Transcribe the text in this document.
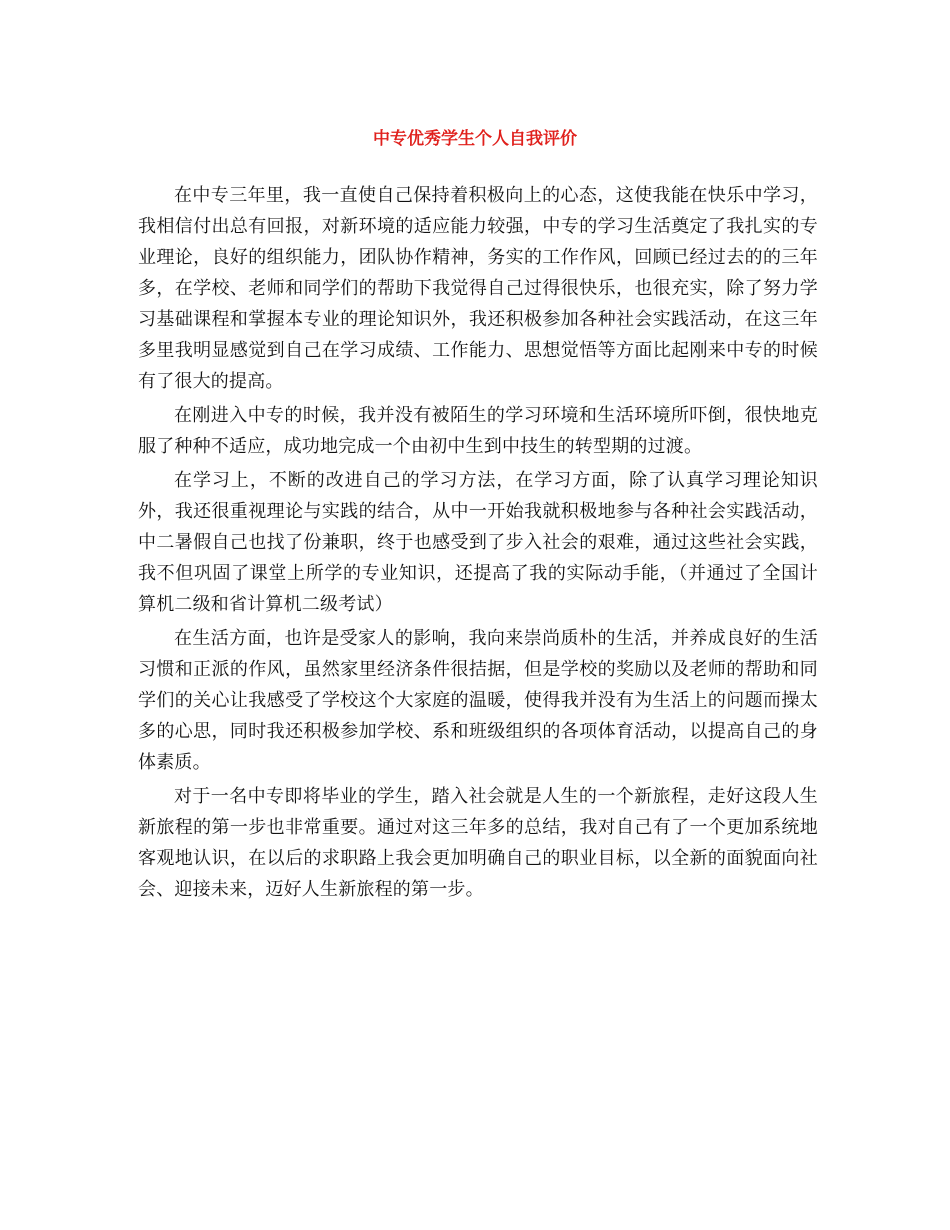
中专优秀学生个人自我评价

在中专三年里，我一直使自己保持着积极向上的心态，这使我能在快乐中学习，我相信付出总有回报，对新环境的适应能力较强，中专的学习生活奠定了我扎实的专业理论，良好的组织能力，团队协作精神，务实的工作作风，回顾已经过去的的三年多，在学校、老师和同学们的帮助下我觉得自己过得很快乐，也很充实，除了努力学习基础课程和掌握本专业的理论知识外，我还积极参加各种社会实践活动，在这三年多里我明显感觉到自己在学习成绩、工作能力、思想觉悟等方面比起刚来中专的时候有了很大的提高。

在刚进入中专的时候，我并没有被陌生的学习环境和生活环境所吓倒，很快地克服了种种不适应，成功地完成一个由初中生到中技生的转型期的过渡。

在学习上，不断的改进自己的学习方法，在学习方面，除了认真学习理论知识外，我还很重视理论与实践的结合，从中一开始我就积极地参与各种社会实践活动，中二暑假自己也找了份兼职，终于也感受到了步入社会的艰难，通过这些社会实践，我不但巩固了课堂上所学的专业知识，还提高了我的实际动手能，（并通过了全国计算机二级和省计算机二级考试）

在生活方面，也许是受家人的影响，我向来崇尚质朴的生活，并养成良好的生活习惯和正派的作风，虽然家里经济条件很拮据，但是学校的奖励以及老师的帮助和同学们的关心让我感受了学校这个大家庭的温暖，使得我并没有为生活上的问题而操太多的心思，同时我还积极参加学校、系和班级组织的各项体育活动，以提高自己的身体素质。

对于一名中专即将毕业的学生，踏入社会就是人生的一个新旅程，走好这段人生新旅程的第一步也非常重要。通过对这三年多的总结，我对自己有了一个更加系统地客观地认识，在以后的求职路上我会更加明确自己的职业目标，以全新的面貌面向社会、迎接未来，迈好人生新旅程的第一步。
